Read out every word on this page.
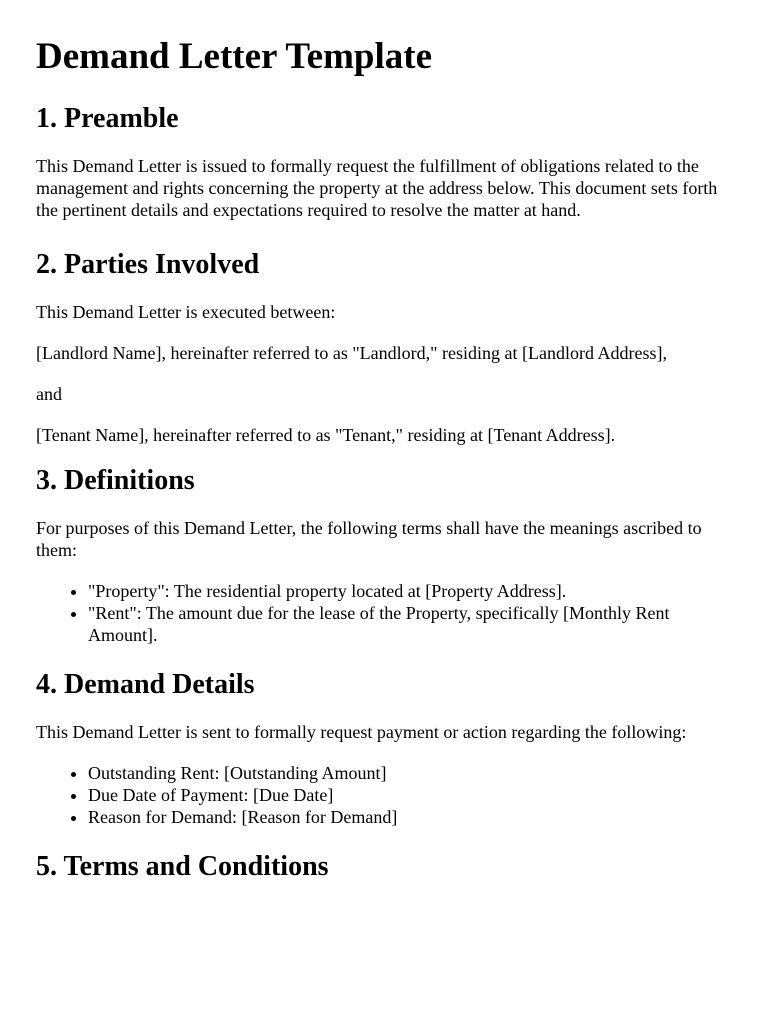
Demand Letter Template
1. Preamble

This Demand Letter is issued to formally request the fulfillment of obligations related to the management and rights concerning the property at the address below. This document sets forth the pertinent details and expectations required to resolve the matter at hand.

2. Parties Involved

This Demand Letter is executed between:

[Landlord Name], hereinafter referred to as "Landlord," residing at [Landlord Address],

and

[Tenant Name], hereinafter referred to as "Tenant," residing at [Tenant Address].

3. Definitions

For purposes of this Demand Letter, the following terms shall have the meanings ascribed to them:

• "Property": The residential property located at [Property Address].
• "Rent": The amount due for the lease of the Property, specifically [Monthly Rent Amount].
4. Demand Details

This Demand Letter is sent to formally request payment or action regarding the following:

• Outstanding Rent: [Outstanding Amount]
• Due Date of Payment: [Due Date]
• Reason for Demand: [Reason for Demand]
5. Terms and Conditions
